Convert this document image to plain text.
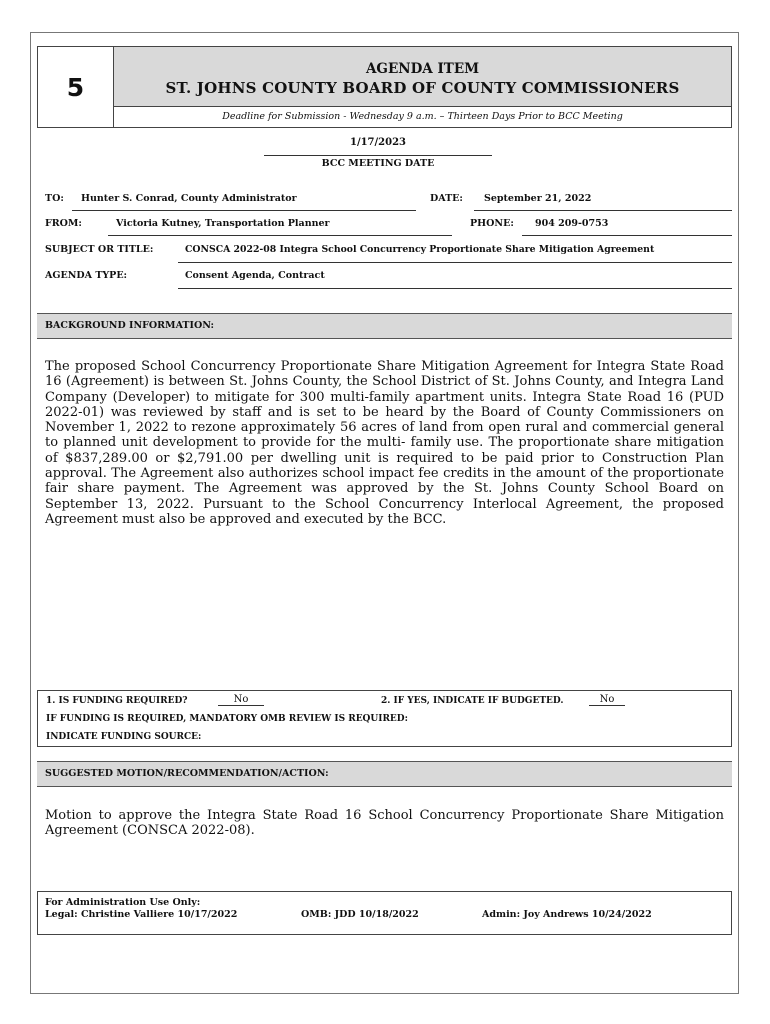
5
AGENDA ITEM
ST. JOHNS COUNTY BOARD OF COUNTY COMMISSIONERS
Deadline for Submission - Wednesday 9 a.m. – Thirteen Days Prior to BCC Meeting
1/17/2023
BCC MEETING DATE
TO: Hunter S. Conrad, County Administrator	DATE: September 21, 2022
FROM:	Victoria Kutney, Transportation Planner	PHONE: 904 209-0753
SUBJECT OR TITLE:	CONSCA 2022-08 Integra School Concurrency Proportionate Share Mitigation Agreement
AGENDA TYPE:	Consent Agenda, Contract
BACKGROUND INFORMATION:
The proposed School Concurrency Proportionate Share Mitigation Agreement for Integra State Road 16 (Agreement) is between St. Johns County, the School District of St. Johns County, and Integra Land Company (Developer) to mitigate for 300 multi-family apartment units. Integra State Road 16 (PUD 2022-01) was reviewed by staff and is set to be heard by the Board of County Commissioners on November 1, 2022 to rezone approximately 56 acres of land from open rural and commercial general to planned unit development to provide for the multi- family use. The proportionate share mitigation of $837,289.00 or $2,791.00 per dwelling unit is required to be paid prior to Construction Plan approval. The Agreement also authorizes school impact fee credits in the amount of the proportionate fair share payment. The Agreement was approved by the St. Johns County School Board on September 13, 2022. Pursuant to the School Concurrency Interlocal Agreement, the proposed Agreement must also be approved and executed by the BCC.
1. IS FUNDING REQUIRED?	No	2. IF YES, INDICATE IF BUDGETED.	No
IF FUNDING IS REQUIRED, MANDATORY OMB REVIEW IS REQUIRED:
INDICATE FUNDING SOURCE:
SUGGESTED MOTION/RECOMMENDATION/ACTION:
Motion to approve the Integra State Road 16 School Concurrency Proportionate Share Mitigation Agreement (CONSCA 2022-08).
For Administration Use Only:
Legal: Christine Valliere 10/17/2022	OMB: JDD 10/18/2022	Admin: Joy Andrews 10/24/2022
